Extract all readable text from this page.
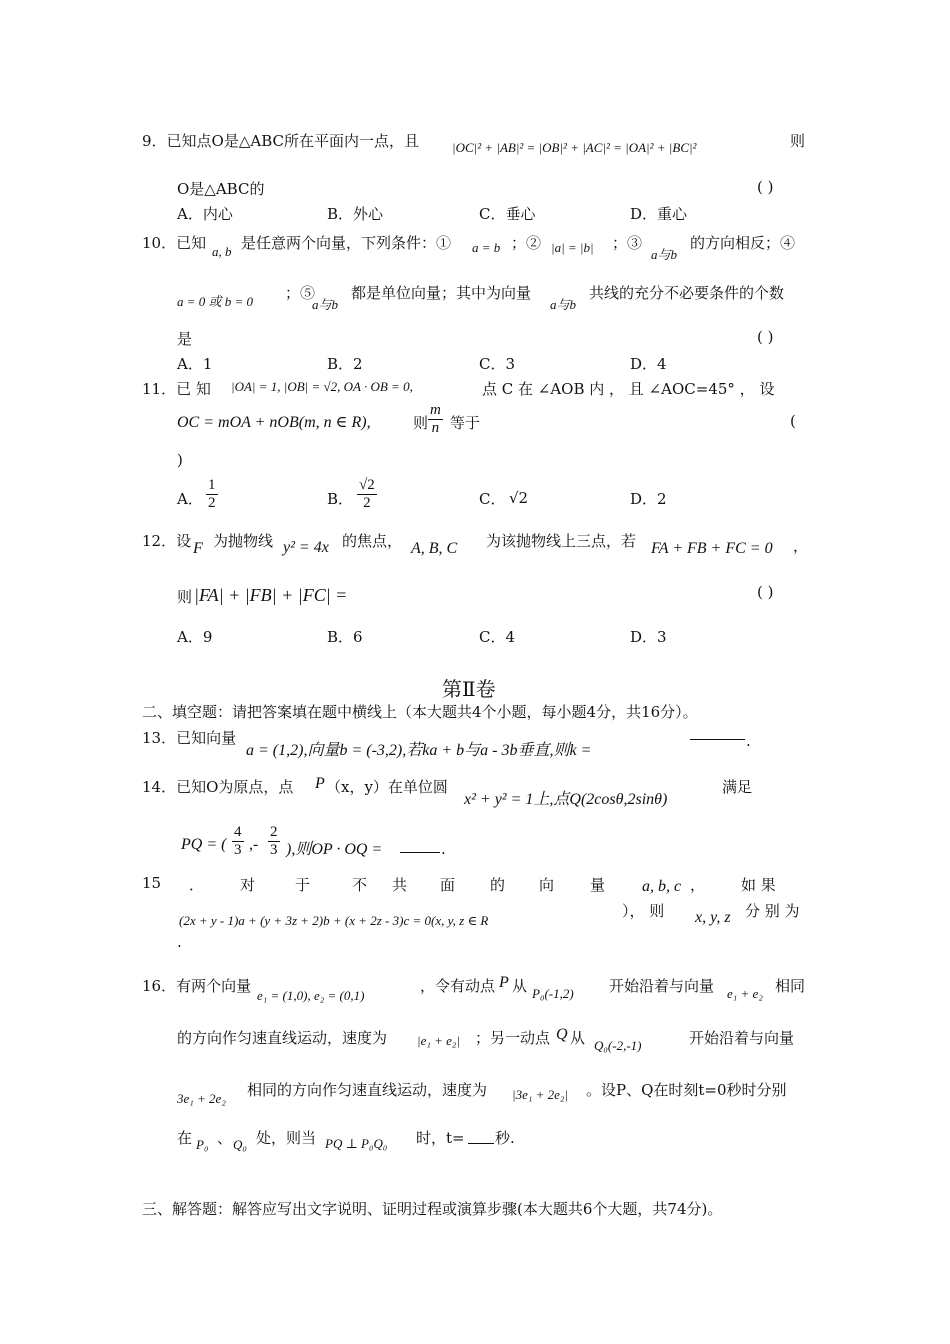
9．已知点O是△ABC所在平面内一点，且	|OC|² + |AB|² = |OB|² + |AC|² = |OA|² + |BC|²	则
O是△ABC的	( )
A．内心	B．外心	C．垂心	D．重心
10．已知 a, b 是任意两个向量，下列条件：① a = b ；② |a| = |b| ；③
a与b
的方向相反；④
a = 0 或 b = 0 ；⑤
a与b
都是单位向量；其中为向量
a与b
共线的充分不必要条件的个数
是	( )
A．1	B．2	C．3	D．4
11．已 知 |OA| = 1, |OB| = √2, OA · OB = 0,	点 C 在 ∠AOB 内 ， 且 ∠AOC=45° ， 设
OC = mOA + nOB(m, n ∈ R),	则 $\frac{m}{n}$ 等于	(
)
A． $\frac{1}{2}$	B． $\frac{√2}{2}$	C． √2	D．2
12．设 F 为抛物线 y² = 4x 的焦点， A, B, C 为该抛物线上三点，若 FA + FB + FC = 0 ，
则 |FA| + |FB| + |FC| =	( )
A．9	B．6	C．4	D．3
第Ⅱ卷
二、填空题：请把答案填在题中横线上（本大题共4个小题，每小题4分，共16分）。
13．已知向量
a = (1,2),向量b = (-3,2),若ka + b与a - 3b垂直,则k =
.
14．已知O为原点，点 P （x，y）在单位圆
x² + y² = 1上,点Q(2cosθ,2sinθ)
满足
PQ = ( $\frac{4}{3}$ ,- $\frac{2}{3}$ ),则OP · OQ =	.
15 ． 对	于	不 共 面 的 向 量 a, b, c ， 如 果
(2x + y - 1)a + (y + 3z + 2)b + (x + 2z - 3)c = 0(x, y, z ∈ R
）， 则 x, y, z 分 别 为
.
16．有两个向量
e₁ = (1,0), e₂ = (0,1)
，令有动点 P 从 P₀(-1,2) 开始沿着与向量 e₁ + e₂ 相同
的方向作匀速直线运动，速度为 |e₁ + e₂| ；另一动点 Q 从 Q₀(-2,-1)	开始沿着与向量
3e₁ + 2e₂ 相同的方向作匀速直线运动，速度为 |3e₁ + 2e₂| 。设P、Q在时刻t=0秒时分别
在 P₀ 、 Q₀ 处，则当 PQ ⊥ P₀Q₀ 时，t= 秒.
三、解答题：解答应写出文字说明、证明过程或演算步骤(本大题共6个大题，共74分)。
